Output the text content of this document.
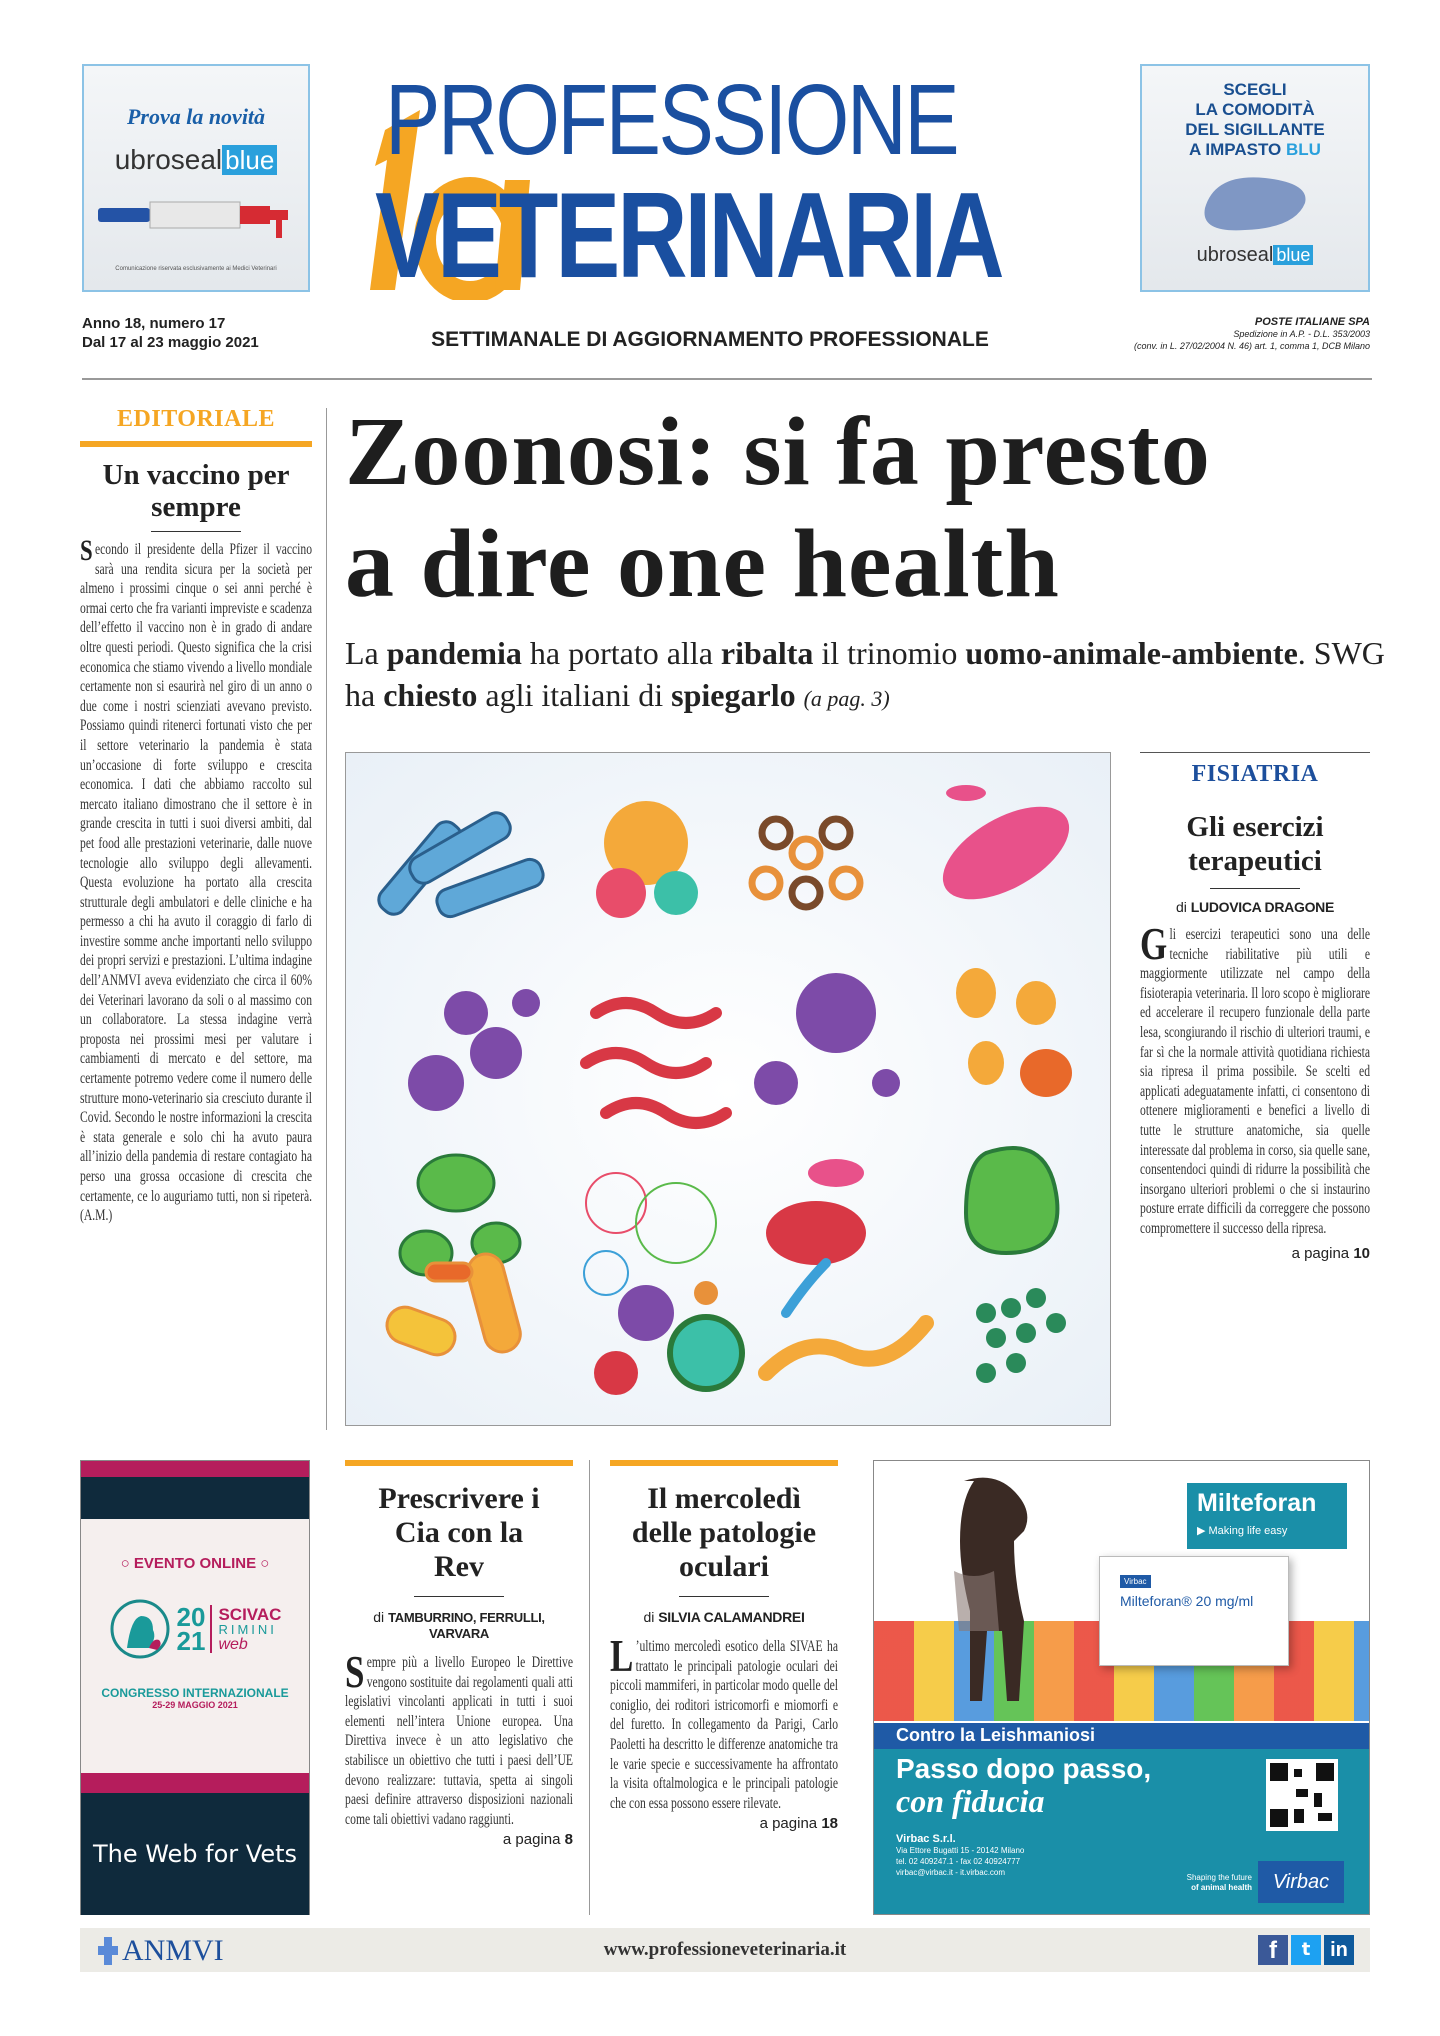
Prova la novità
ubroseal blue
Comunicazione riservata esclusivamente ai Medici Veterinari
PROFESSIONE
VETERINARIA
SCEGLI
LA COMODITÀ
DEL SIGILLANTE
A IMPASTO BLU
ubroseal blue
Anno 18, numero 17
Dal 17 al 23 maggio 2021	SETTIMANALE DI AGGIORNAMENTO PROFESSIONALE
POSTE ITALIANE SPA
Spedizione in A.P. - D.L. 353/2003
(conv. in L. 27/02/2004 N. 46) art. 1, comma 1, DCB Milano
EDITORIALE
Un vaccino per sempre
Secondo il presidente della Pfizer il vaccino sarà una rendita sicura per la società per almeno i prossimi cinque o sei anni perché è ormai certo che fra varianti impreviste e scadenza dell’effetto il vaccino non è in grado di andare oltre questi periodi. Questo significa che la crisi economica che stiamo vivendo a livello mondiale certamente non si esaurirà nel giro di un anno o due come i nostri scienziati avevano previsto. Possiamo quindi ritenerci fortunati visto che per il settore veterinario la pandemia è stata un’occasione di forte sviluppo e crescita economica. I dati che abbiamo raccolto sul mercato italiano dimostrano che il settore è in grande crescita in tutti i suoi diversi ambiti, dal pet food alle prestazioni veterinarie, dalle nuove tecnologie allo sviluppo degli allevamenti. Questa evoluzione ha portato alla crescita strutturale degli ambulatori e delle cliniche e ha permesso a chi ha avuto il coraggio di farlo di investire somme anche importanti nello sviluppo dei propri servizi e prestazioni. L’ultima indagine dell’ANMVI aveva evidenziato che circa il 60% dei Veterinari lavorano da soli o al massimo con un collaboratore. La stessa indagine verrà proposta nei prossimi mesi per valutare i cambiamenti di mercato e del settore, ma certamente potremo vedere come il numero delle strutture mono-veterinario sia cresciuto durante il Covid. Secondo le nostre informazioni la crescita è stata generale e solo chi ha avuto paura all’inizio della pandemia di restare contagiato ha perso una grossa occasione di crescita che certamente, ce lo auguriamo tutti, non si ripeterà. (A.M.)
Zoonosi: si fa presto
a dire one health
La pandemia ha portato alla ribalta il trinomio uomo-animale-ambiente. SWG ha chiesto agli italiani di spiegarlo (a pag. 3)
FISIATRIA
Gli esercizi terapeutici
di LUDOVICA DRAGONE
Gli esercizi terapeutici sono una delle tecniche riabilitative più utili e maggiormente utilizzate nel campo della fisioterapia veterinaria. Il loro scopo è migliorare ed accelerare il recupero funzionale della parte lesa, scongiurando il rischio di ulteriori traumi, e far sì che la normale attività quotidiana richiesta sia ripresa il prima possibile. Se scelti ed applicati adeguatamente infatti, ci consentono di ottenere miglioramenti e benefici a livello di tutte le strutture anatomiche, sia quelle interessate dal problema in corso, sia quelle sane, consentendoci quindi di ridurre la possibilità che insorgano ulteriori problemi o che si instaurino posture errate difficili da correggere che possono compromettere il successo della ripresa.
a pagina 10
○ EVENTO ONLINE ○
20
21
SCIVAC
RIMINI
web
CONGRESSO INTERNAZIONALE
25-29 MAGGIO 2021
The Web for Vets
Prescrivere i Cia con la Rev
di TAMBURRINO, FERRULLI, VARVARA
Sempre più a livello Europeo le Direttive vengono sostituite dai regolamenti quali atti legislativi vincolanti applicati in tutti i suoi elementi nell’intera Unione europea. Una Direttiva invece è un atto legislativo che stabilisce un obiettivo che tutti i paesi dell’UE devono realizzare: tuttavia, spetta ai singoli paesi definire attraverso disposizioni nazionali come tali obiettivi vadano raggiunti.
a pagina 8
Il mercoledì delle patologie oculari
di SILVIA CALAMANDREI
L ’ultimo mercoledì esotico della SIVAE ha trattato le principali patologie oculari dei piccoli mammiferi, in particolar modo quelle del coniglio, dei roditori istricomorfi e miomorfi e del furetto. In collegamento da Parigi, Carlo Paoletti ha descritto le differenze anatomiche tra le varie specie e successivamente ha affrontato la visita oftalmologica e le principali patologie che con essa possono essere rilevate.
a pagina 18
Virbac
Milteforan® 20 mg/ml
Milteforan
▶ Making life easy
Contro la Leishmaniosi
Passo dopo passo,
con fiducia
Virbac S.r.l.
Via Ettore Bugatti 15 - 20142 Milano
tel. 02 409247.1 - fax 02 40924777
virbac@virbac.it - it.virbac.com
Shaping the future
of animal health	Virbac
ANMVI	www.professioneveterinaria.it	f	t in
